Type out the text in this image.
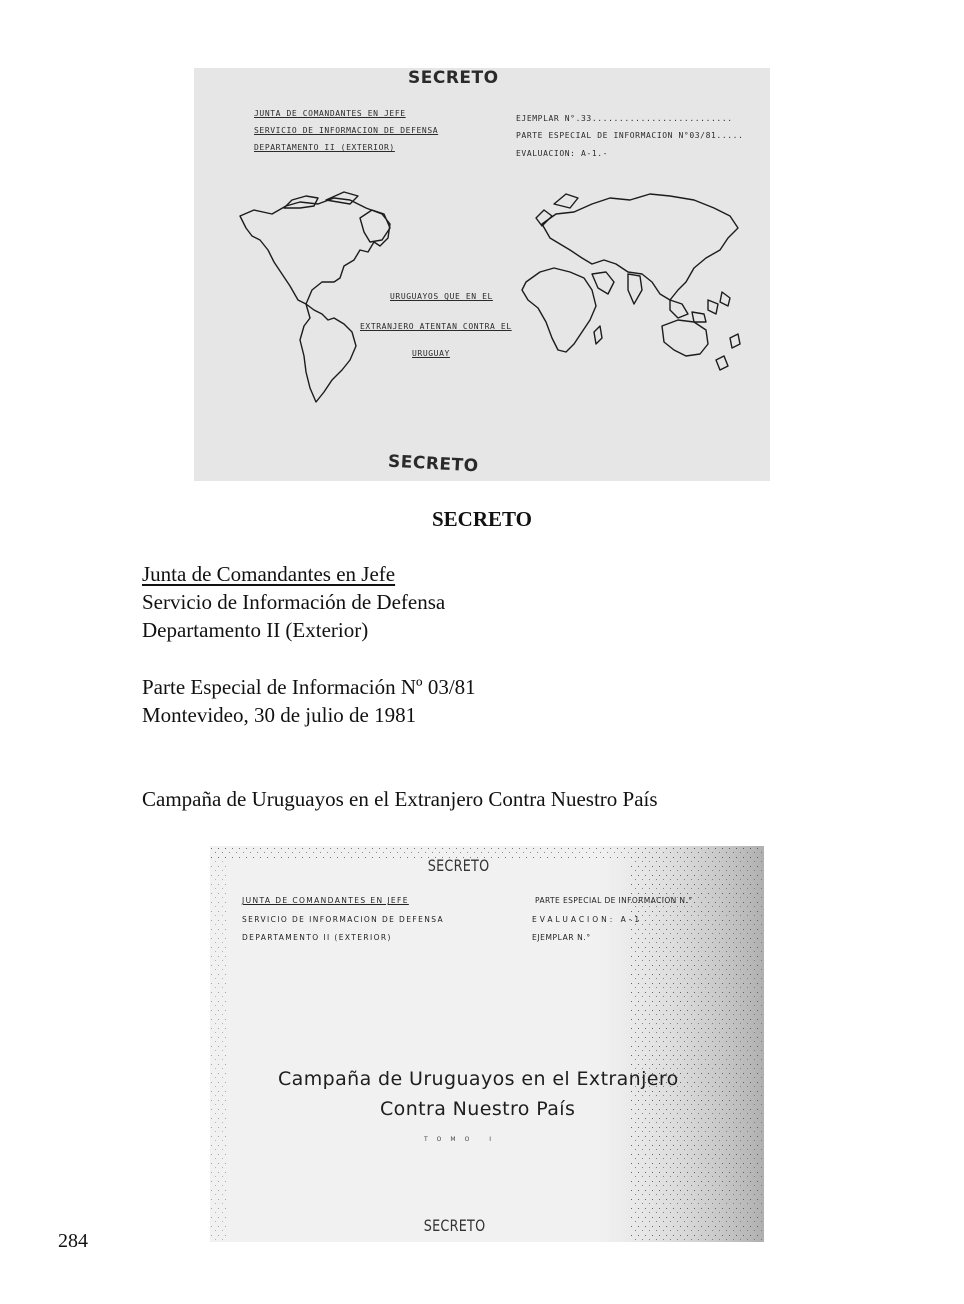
SECRETO
JUNTA DE COMANDANTES EN JEFE
SERVICIO DE INFORMACION DE DEFENSA
DEPARTAMENTO II (EXTERIOR)
EJEMPLAR N°.33..........................
PARTE ESPECIAL DE INFORMACION N°03/81.....
EVALUACION: A-1.-
URUGUAYOS QUE EN EL
EXTRANJERO ATENTAN CONTRA EL
URUGUAY
SECRETO
SECRETO
Junta de Comandantes en Jefe
Servicio de Información de Defensa
Departamento II (Exterior)
Parte Especial de Información Nº 03/81
Montevideo, 30 de julio de 1981
Campaña de Uruguayos en el Extranjero Contra Nuestro País
SECRETO
JUNTA DE COMANDANTES EN JEFE
SERVICIO DE INFORMACION DE DEFENSA
DEPARTAMENTO II (EXTERIOR)
PARTE ESPECIAL DE INFORMACION N.°
EVALUACION: A-1
EJEMPLAR N.°
Campaña de Uruguayos en el Extranjero
Contra Nuestro País
TOMO I
SECRETO
284
